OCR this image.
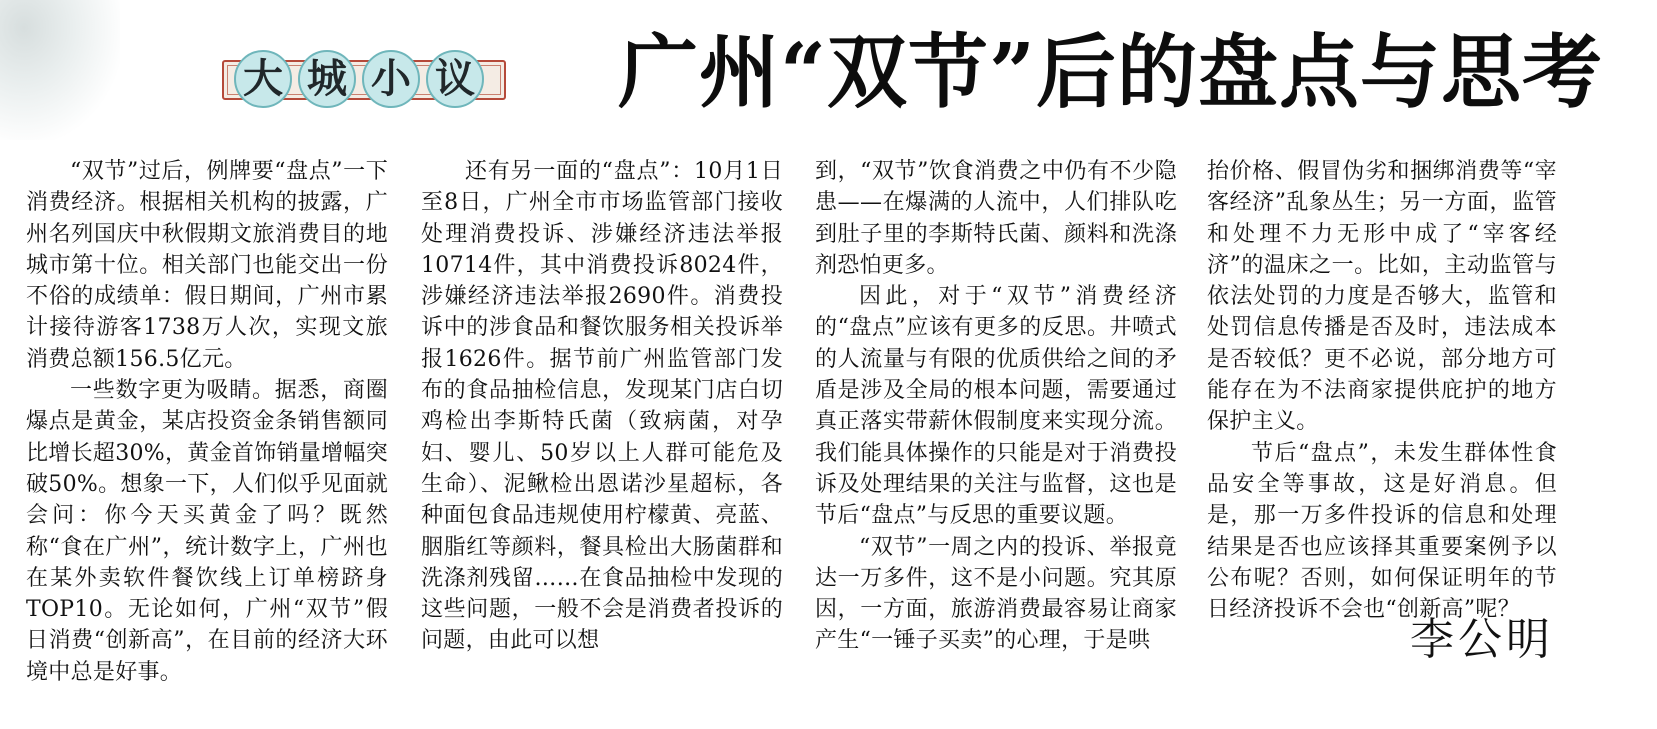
大 城 小 议 广州“双节”后的盘点与思考

“双节”过后，例牌要“盘点”一下消费经济。根据相关机构的披露，广州名列国庆中秋假期文旅消费目的地城市第十位。相关部门也能交出一份不俗的成绩单：假日期间，广州市累计接待游客1738万人次，实现文旅消费总额156.5亿元。

一些数字更为吸睛。据悉，商圈爆点是黄金，某店投资金条销售额同比增长超30%，黄金首饰销量增幅突破50%。想象一下，人们似乎见面就会问：你今天买黄金了吗？既然称“食在广州”，统计数字上，广州也在某外卖软件餐饮线上订单榜跻身TOP10。无论如何，广州“双节”假日消费“创新高”，在目前的经济大环境中总是好事。

还有另一面的“盘点”：10月1日至8日，广州全市市场监管部门接收处理消费投诉、涉嫌经济违法举报10714件，其中消费投诉8024件，涉嫌经济违法举报2690件。消费投诉中的涉食品和餐饮服务相关投诉举报1626件。据节前广州监管部门发布的食品抽检信息，发现某门店白切鸡检出李斯特氏菌（致病菌，对孕妇、婴儿、50岁以上人群可能危及生命）、泥鳅检出恩诺沙星超标，各种面包食品违规使用柠檬黄、亮蓝、胭脂红等颜料，餐具检出大肠菌群和洗涤剂残留……在食品抽检中发现的这些问题，一般不会是消费者投诉的问题，由此可以想

到，“双节”饮食消费之中仍有不少隐患——在爆满的人流中，人们排队吃到肚子里的李斯特氏菌、颜料和洗涤剂恐怕更多。

因此，对于“双节”消费经济的“盘点”应该有更多的反思。井喷式的人流量与有限的优质供给之间的矛盾是涉及全局的根本问题，需要通过真正落实带薪休假制度来实现分流。我们能具体操作的只能是对于消费投诉及处理结果的关注与监督，这也是节后“盘点”与反思的重要议题。

“双节”一周之内的投诉、举报竟达一万多件，这不是小问题。究其原因，一方面，旅游消费最容易让商家产生“一锤子买卖”的心理，于是哄

抬价格、假冒伪劣和捆绑消费等“宰客经济”乱象丛生；另一方面，监管和处理不力无形中成了“宰客经济”的温床之一。比如，主动监管与依法处罚的力度是否够大，监管和处罚信息传播是否及时，违法成本是否较低？更不必说，部分地方可能存在为不法商家提供庇护的地方保护主义。

节后“盘点”，未发生群体性食品安全等事故，这是好消息。但是，那一万多件投诉的信息和处理结果是否也应该择其重要案例予以公布呢？否则，如何保证明年的节日经济投诉不会也“创新高”呢？

李公明
